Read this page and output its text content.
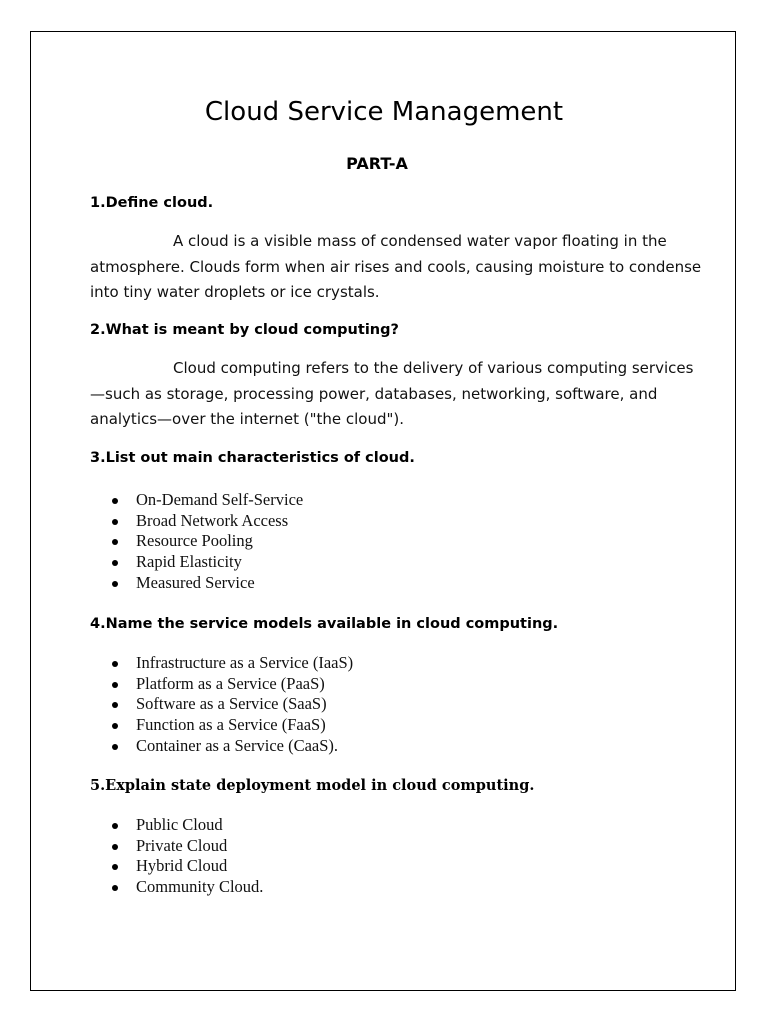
Cloud Service Management
PART-A
1.Define cloud.
A cloud is a visible mass of condensed water vapor floating in the
atmosphere. Clouds form when air rises and cools, causing moisture to condense
into tiny water droplets or ice crystals.
2.What is meant by cloud computing?
Cloud computing refers to the delivery of various computing services
—such as storage, processing power, databases, networking, software, and
analytics—over the internet ("the cloud").
3.List out main characteristics of cloud.
On-Demand Self-Service
Broad Network Access
Resource Pooling
Rapid Elasticity
Measured Service
4.Name the service models available in cloud computing.
Infrastructure as a Service (IaaS)
Platform as a Service (PaaS)
Software as a Service (SaaS)
Function as a Service (FaaS)
Container as a Service (CaaS).
5.Explain state deployment model in cloud computing.
Public Cloud
Private Cloud
Hybrid Cloud
Community Cloud.
